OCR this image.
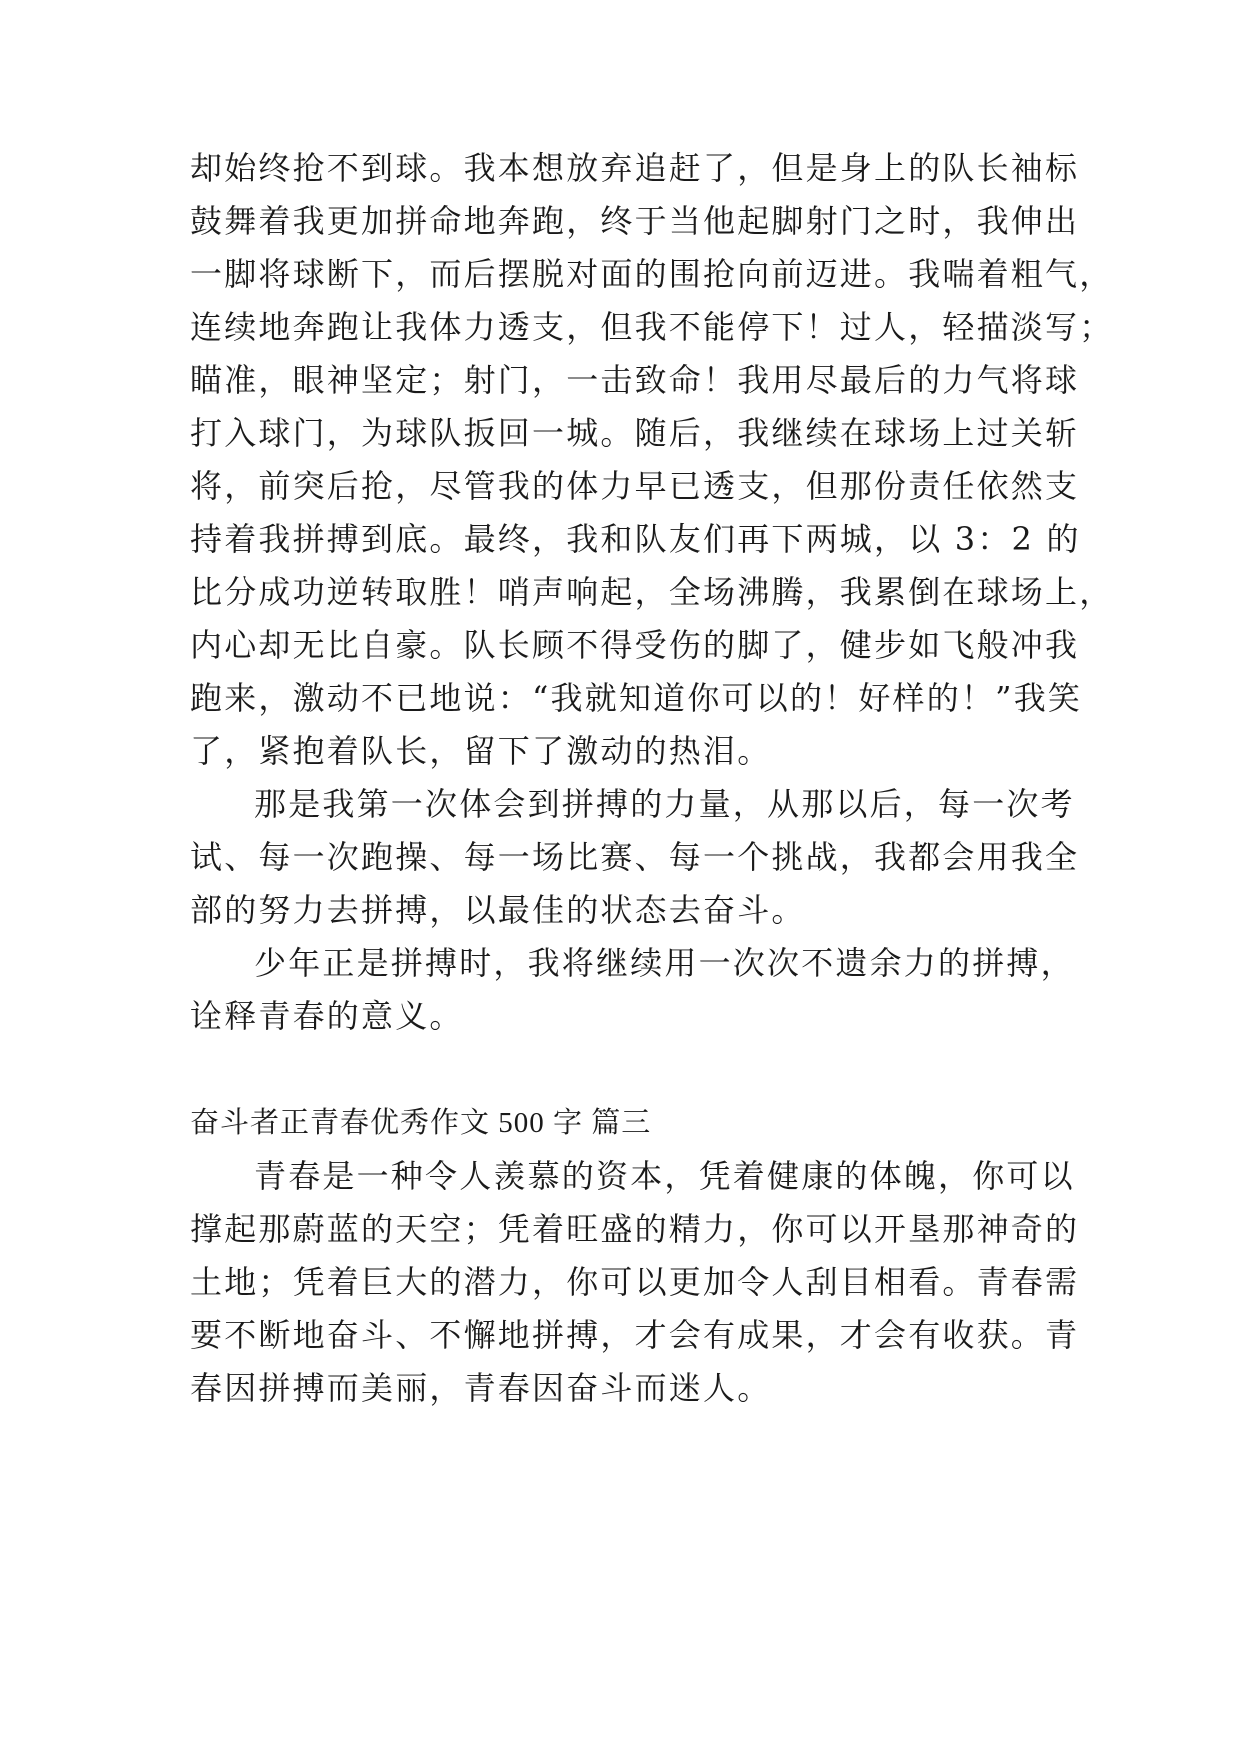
却始终抢不到球。我本想放弃追赶了，但是身上的队长袖标
鼓舞着我更加拼命地奔跑，终于当他起脚射门之时，我伸出
一脚将球断下，而后摆脱对面的围抢向前迈进。我喘着粗气，
连续地奔跑让我体力透支，但我不能停下！过人，轻描淡写；
瞄准，眼神坚定；射门，一击致命！我用尽最后的力气将球
打入球门，为球队扳回一城。随后，我继续在球场上过关斩
将，前突后抢，尽管我的体力早已透支，但那份责任依然支
持着我拼搏到底。最终，我和队友们再下两城，以 3：2 的
比分成功逆转取胜！哨声响起，全场沸腾，我累倒在球场上，
内心却无比自豪。队长顾不得受伤的脚了，健步如飞般冲我
跑来，激动不已地说：“我就知道你可以的！好样的！”我笑
了，紧抱着队长，留下了激动的热泪。
那是我第一次体会到拼搏的力量，从那以后，每一次考
试、每一次跑操、每一场比赛、每一个挑战，我都会用我全
部的努力去拼搏，以最佳的状态去奋斗。
少年正是拼搏时，我将继续用一次次不遗余力的拼搏，
诠释青春的意义。
奋斗者正青春优秀作文 500 字 篇三
青春是一种令人羡慕的资本，凭着健康的体魄，你可以
撑起那蔚蓝的天空；凭着旺盛的精力，你可以开垦那神奇的
土地；凭着巨大的潜力，你可以更加令人刮目相看。青春需
要不断地奋斗、不懈地拼搏，才会有成果，才会有收获。青
春因拼搏而美丽，青春因奋斗而迷人。
